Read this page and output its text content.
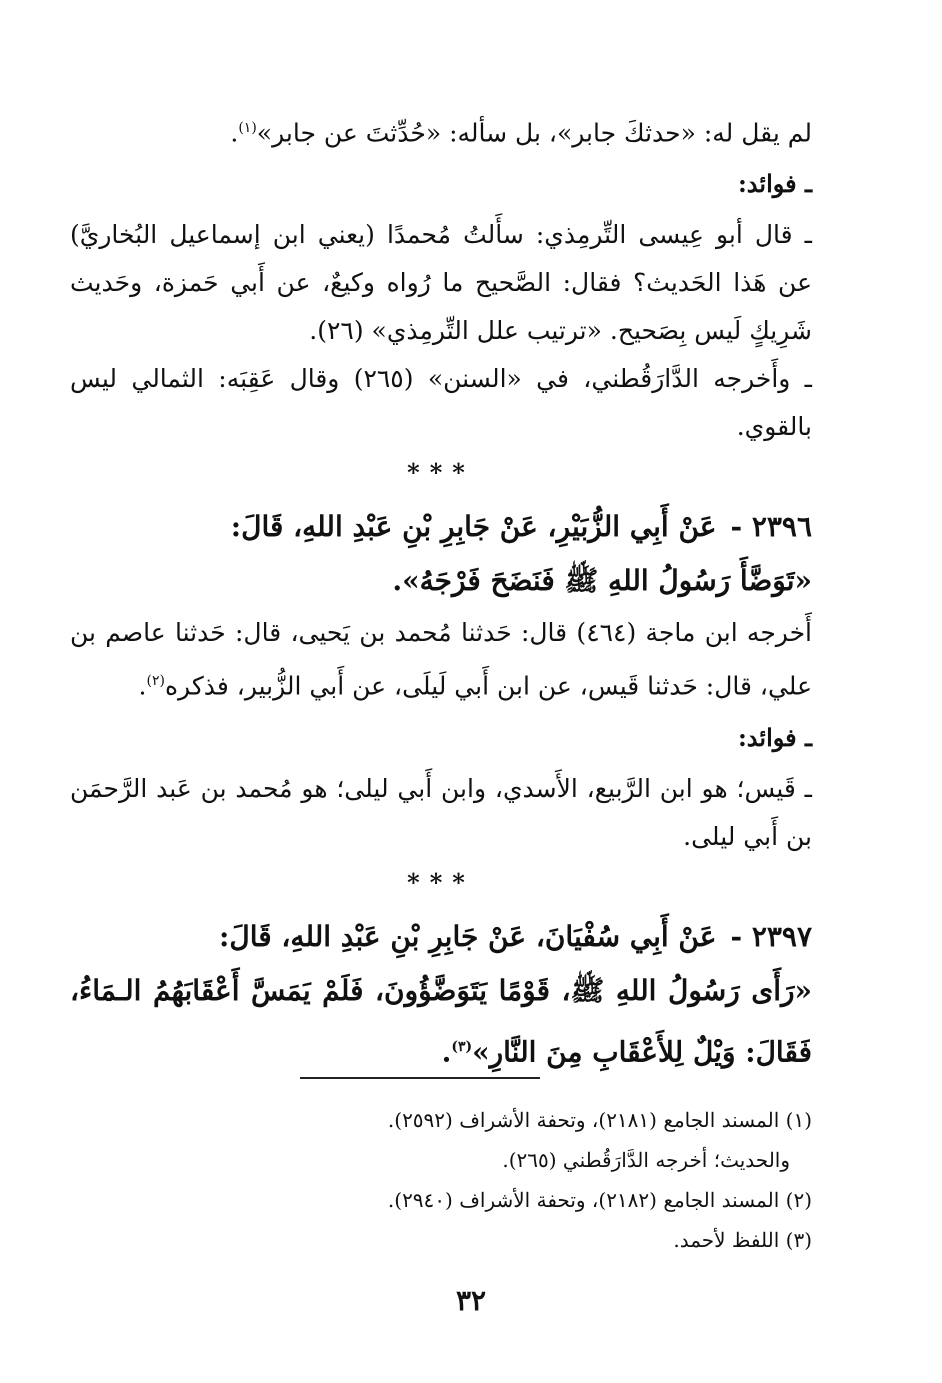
لم يقل له: «حدثكَ جابر»، بل سأله: «حُدِّثتَ عن جابر»$^{(١)}$.

ـ فوائد:

ـ قال أبو عِيسى التِّرمِذي: سأَلتُ مُحمدًا (يعني ابن إسماعيل البُخاريَّ) عن هَذا الحَديث؟ فقال: الصَّحيح ما رُواه وكيعٌ، عن أَبي حَمزة، وحَديث شَرِيكٍ لَيس بِصَحيح. «ترتيب علل التِّرمِذي» (٢٦).

ـ وأَخرجه الدَّارَقُطني، في «السنن» (٢٦٥) وقال عَقِبَه: الثمالي ليس بالقوي.

***

٢٣٩٦ -عَنْ أَبِي الزُّبَيْرِ، عَنْ جَابِرِ بْنِ عَبْدِ اللهِ، قَالَ:

«تَوَضَّأَ رَسُولُ اللهِ ﷺ فَنَضَحَ فَرْجَهُ».

أَخرجه ابن ماجة (٤٦٤) قال: حَدثنا مُحمد بن يَحيى، قال: حَدثنا عاصم بن علي، قال: حَدثنا قَيس، عن ابن أَبي لَيلَى، عن أَبي الزُّبير، فذكره$^{(٢)}$.

ـ فوائد:

ـ قَيس؛ هو ابن الرَّبيع، الأَسدي، وابن أَبي ليلى؛ هو مُحمد بن عَبد الرَّحمَن بن أَبي ليلى.

***

٢٣٩٧ -عَنْ أَبِي سُفْيَانَ، عَنْ جَابِرِ بْنِ عَبْدِ اللهِ، قَالَ:

«رَأَى رَسُولُ اللهِ ﷺ، قَوْمًا يَتَوَضَّؤُونَ، فَلَمْ يَمَسَّ أَعْقَابَهُمُ الـمَاءُ، فَقَالَ: وَيْلٌ لِلأَعْقَابِ مِنَ النَّارِ»$^{(٣)}$.

(١) المسند الجامع (٢١٨١)، وتحفة الأشراف (٢٥٩٢).

والحديث؛ أخرجه الدَّارَقُطني (٢٦٥).

(٢) المسند الجامع (٢١٨٢)، وتحفة الأشراف (٢٩٤٠).

(٣) اللفظ لأحمد.

٣٢
